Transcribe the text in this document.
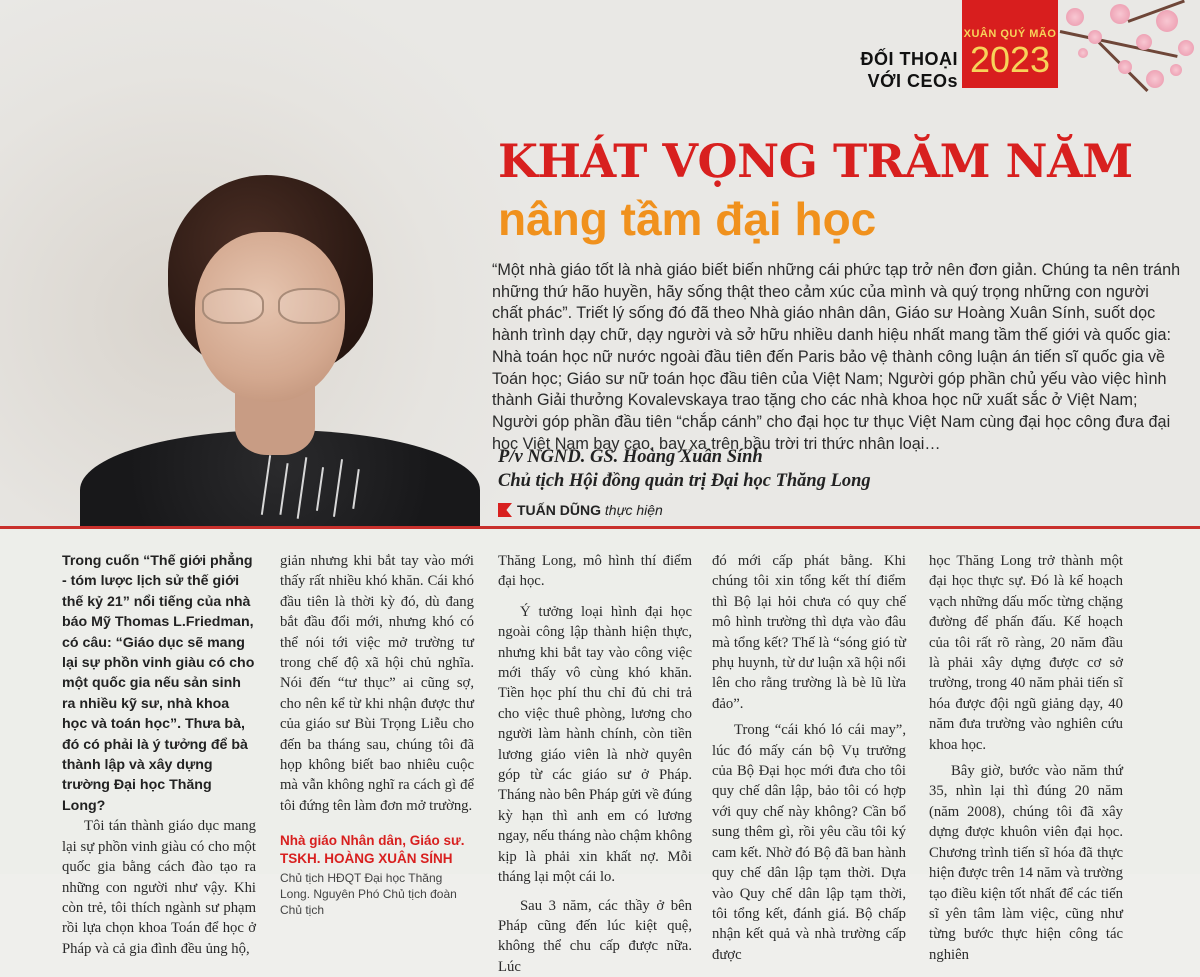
ĐỐI THOẠI
VỚI CEOs
XUÂN QUÝ MÃO
2023
KHÁT VỌNG TRĂM NĂM
nâng tầm đại học
“Một nhà giáo tốt là nhà giáo biết biến những cái phức tạp trở nên đơn giản. Chúng ta nên tránh những thứ hão huyền, hãy sống thật theo cảm xúc của mình và quý trọng những con người chất phác”. Triết lý sống đó đã theo Nhà giáo nhân dân, Giáo sư Hoàng Xuân Sính, suốt dọc hành trình dạy chữ, dạy người và sở hữu nhiều danh hiệu nhất mang tầm thế giới và quốc gia: Nhà toán học nữ nước ngoài đầu tiên đến Paris bảo vệ thành công luận án tiến sĩ quốc gia về Toán học; Giáo sư nữ toán học đầu tiên của Việt Nam; Người góp phần chủ yếu vào việc hình thành Giải thưởng Kovalevskaya trao tặng cho các nhà khoa học nữ xuất sắc ở Việt Nam; Người góp phần đầu tiên “chắp cánh” cho đại học tư thục Việt Nam cùng đại học công đưa đại học Việt Nam bay cao, bay xa trên bầu trời tri thức nhân loại…
P/v NGND. GS. Hoàng Xuân Sính
Chủ tịch Hội đồng quản trị Đại học Thăng Long
TUẤN DŨNG thực hiện

Trong cuốn “Thế giới phẳng - tóm lược lịch sử thế giới thế kỷ 21” nổi tiếng của nhà báo Mỹ Thomas L.Friedman, có câu: “Giáo dục sẽ mang lại sự phồn vinh giàu có cho một quốc gia nếu sản sinh ra nhiều kỹ sư, nhà khoa học và toán học”. Thưa bà, đó có phải là ý tưởng để bà thành lập và xây dựng trường Đại học Thăng Long?

Tôi tán thành giáo dục mang lại sự phồn vinh giàu có cho một quốc gia bằng cách đào tạo ra những con người như vậy. Khi còn trẻ, tôi thích ngành sư phạm rồi lựa chọn khoa Toán để học ở Pháp và cả gia đình đều ủng hộ,

giản nhưng khi bắt tay vào mới thấy rất nhiều khó khăn. Cái khó đầu tiên là thời kỳ đó, dù đang bắt đầu đổi mới, nhưng khó có thể nói tới việc mở trường tư trong chế độ xã hội chủ nghĩa. Nói đến “tư thục” ai cũng sợ, cho nên kể từ khi nhận được thư của giáo sư Bùi Trọng Liễu cho đến ba tháng sau, chúng tôi đã họp không biết bao nhiêu cuộc mà vẫn không nghĩ ra cách gì để tôi đứng tên làm đơn mở trường.

Nhà giáo Nhân dân, Giáo sư. TSKH. HOÀNG XUÂN SÍNH
Chủ tịch HĐQT Đại học Thăng Long. Nguyên Phó Chủ tịch đoàn Chủ tịch

Thăng Long, mô hình thí điểm đại học.

Ý tưởng loại hình đại học ngoài công lập thành hiện thực, nhưng khi bắt tay vào công việc mới thấy vô cùng khó khăn. Tiền học phí thu chỉ đủ chi trả cho việc thuê phòng, lương cho người làm hành chính, còn tiền lương giáo viên là nhờ quyên góp từ các giáo sư ở Pháp. Tháng nào bên Pháp gửi về đúng kỳ hạn thì anh em có lương ngay, nếu tháng nào chậm không kịp là phải xin khất nợ. Mỗi tháng lại một cái lo.

Sau 3 năm, các thầy ở bên Pháp cũng đến lúc kiệt quệ, không thể chu cấp được nữa. Lúc

đó mới cấp phát bằng. Khi chúng tôi xin tổng kết thí điểm thì Bộ lại hỏi chưa có quy chế mô hình trường thì dựa vào đâu mà tổng kết? Thế là “sóng gió từ phụ huynh, từ dư luận xã hội nổi lên cho rằng trường là bè lũ lừa đảo”.

Trong “cái khó ló cái may”, lúc đó mấy cán bộ Vụ trưởng của Bộ Đại học mới đưa cho tôi quy chế dân lập, bảo tôi có hợp với quy chế này không? Cần bổ sung thêm gì, rồi yêu cầu tôi ký cam kết. Nhờ đó Bộ đã ban hành quy chế dân lập tạm thời. Dựa vào Quy chế dân lập tạm thời, tôi tổng kết, đánh giá. Bộ chấp nhận kết quả và nhà trường cấp được

học Thăng Long trở thành một đại học thực sự. Đó là kế hoạch vạch những dấu mốc từng chặng đường để phấn đấu. Kế hoạch của tôi rất rõ ràng, 20 năm đầu là phải xây dựng được cơ sở trường, trong 40 năm phải tiến sĩ hóa được đội ngũ giảng dạy, 40 năm đưa trường vào nghiên cứu khoa học.

Bây giờ, bước vào năm thứ 35, nhìn lại thì đúng 20 năm (năm 2008), chúng tôi đã xây dựng được khuôn viên đại học. Chương trình tiến sĩ hóa đã thực hiện được trên 14 năm và trường tạo điều kiện tốt nhất để các tiến sĩ yên tâm làm việc, cũng như từng bước thực hiện công tác nghiên
